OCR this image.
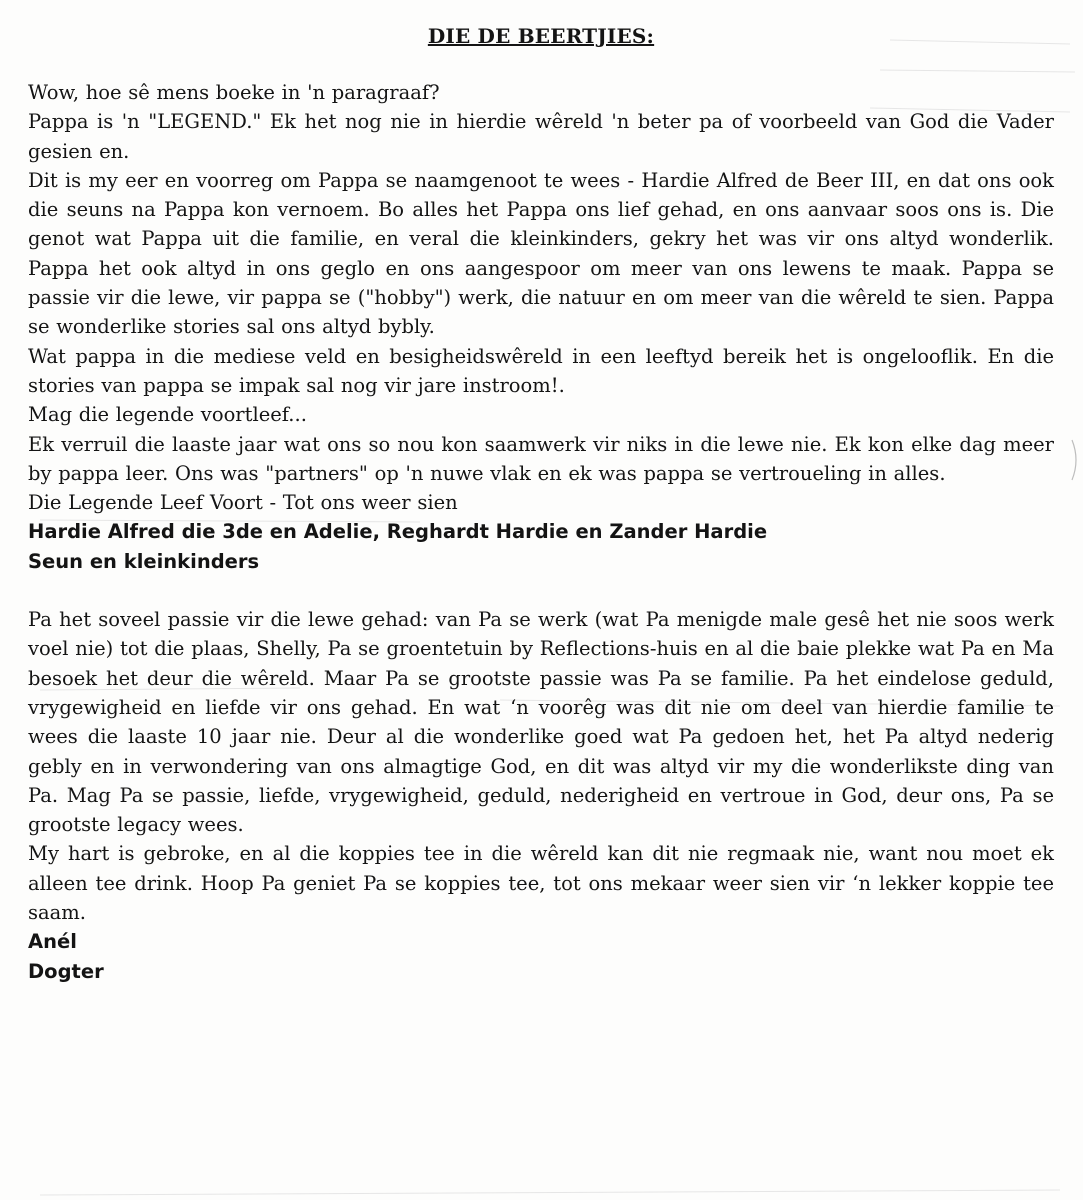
DIE DE BEERTJIES:

Wow, hoe sê mens boeke in 'n paragraaf?

Pappa is 'n "LEGEND." Ek het nog nie in hierdie wêreld 'n beter pa of voorbeeld van God die Vader gesien en.

Dit is my eer en voorreg om Pappa se naamgenoot te wees - Hardie Alfred de Beer III, en dat ons ook die seuns na Pappa kon vernoem. Bo alles het Pappa ons lief gehad, en ons aanvaar soos ons is. Die genot wat Pappa uit die familie, en veral die kleinkinders, gekry het was vir ons altyd wonderlik. Pappa het ook altyd in ons geglo en ons aangespoor om meer van ons lewens te maak. Pappa se passie vir die lewe, vir pappa se ("hobby") werk, die natuur en om meer van die wêreld te sien. Pappa se wonderlike stories sal ons altyd bybly.

Wat pappa in die mediese veld en besigheidswêreld in een leeftyd bereik het is ongelooflik. En die stories van pappa se impak sal nog vir jare instroom!.

Mag die legende voortleef...

Ek verruil die laaste jaar wat ons so nou kon saamwerk vir niks in die lewe nie. Ek kon elke dag meer by pappa leer. Ons was "partners" op 'n nuwe vlak en ek was pappa se vertroueling in alles.

Die Legende Leef Voort - Tot ons weer sien

Hardie Alfred die 3de en Adelie, Reghardt Hardie en Zander Hardie

Seun en kleinkinders

Pa het soveel passie vir die lewe gehad: van Pa se werk (wat Pa menigde male gesê het nie soos werk voel nie) tot die plaas, Shelly, Pa se groentetuin by Reflections-huis en al die baie plekke wat Pa en Ma besoek het deur die wêreld. Maar Pa se grootste passie was Pa se familie. Pa het eindelose geduld, vrygewigheid en liefde vir ons gehad. En wat ‘n voorêg was dit nie om deel van hierdie familie te wees die laaste 10 jaar nie. Deur al die wonderlike goed wat Pa gedoen het, het Pa altyd nederig gebly en in verwondering van ons almagtige God, en dit was altyd vir my die wonderlikste ding van Pa. Mag Pa se passie, liefde, vrygewigheid, geduld, nederigheid en vertroue in God, deur ons, Pa se grootste legacy wees.

My hart is gebroke, en al die koppies tee in die wêreld kan dit nie regmaak nie, want nou moet ek alleen tee drink. Hoop Pa geniet Pa se koppies tee, tot ons mekaar weer sien vir ‘n lekker koppie tee saam.

Anél

Dogter
